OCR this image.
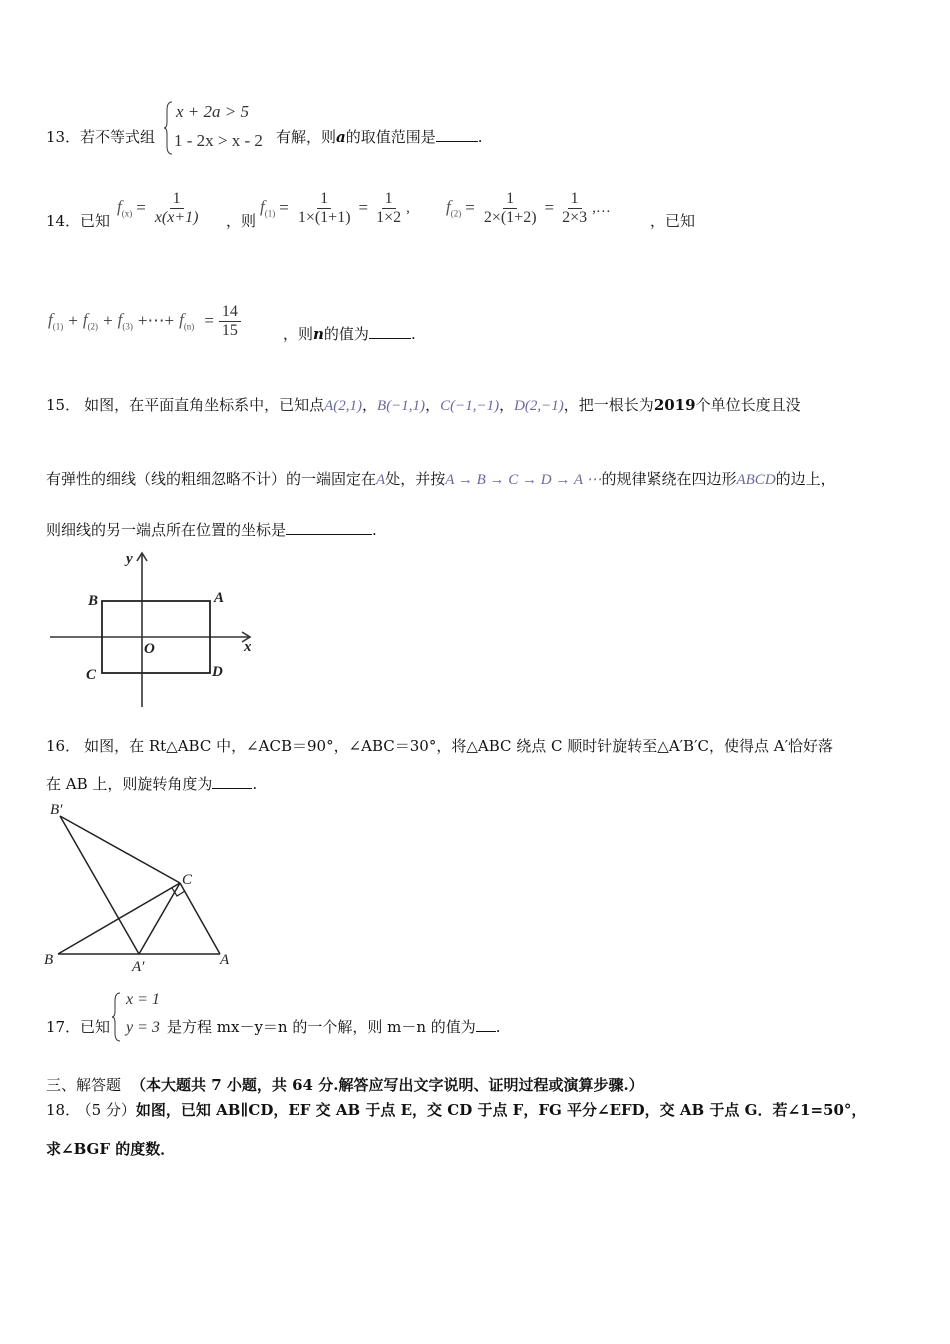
13． 若不等式组
x + 2a > 5
1 - 2x > x - 2 有解，则a的取值范围是	.
14． 已知
$f_{(x)} = \frac{1}{x(x+1)}$ ，则
$f_{(1)} = \frac{1}{1\times(1+1)} = \frac{1}{1\times 2}$ , $f_{(2)} = \frac{1}{2\times(1+2)} = \frac{1}{2\times 3}$ ,…
，已知
$f_{(1)} + f_{(2)} + f_{(3)}$ +⋯+ $f_{(n)} = \frac{14}{15}$	，则n的值为	.
15． 如图，在平面直角坐标系中，已知点A(2,1)，B(−1,1)，C(−1,−1)，D(2,−1)，把一根长为2019个单位长度且没
有弹性的细线（线的粗细忽略不计）的一端固定在A处，并按A → B → C → D → A ⋯的规律紧绕在四边形ABCD的边上，
则细线的另一端点所在位置的坐标是	.
y
x
O
A
B
C	D
16． 如图，在 Rt△ABC 中，∠ACB＝90°，∠ABC＝30°，将△ABC 绕点 C 顺时针旋转至△A′B′C，使得点 A′恰好落
在 AB 上，则旋转角度为	.
B′
C
B	A′	A
17． 已知
x = 1
y = 3 是方程 mx－y＝n 的一个解，则 m－n 的值为 .
三、解答题 （本大题共 7 小题，共 64 分.解答应写出文字说明、证明过程或演算步骤.）
18． （5 分）如图，已知 AB∥CD，EF 交 AB 于点 E，交 CD 于点 F，FG 平分∠EFD，交 AB 于点 G．若∠1=50°，
求∠BGF 的度数．
